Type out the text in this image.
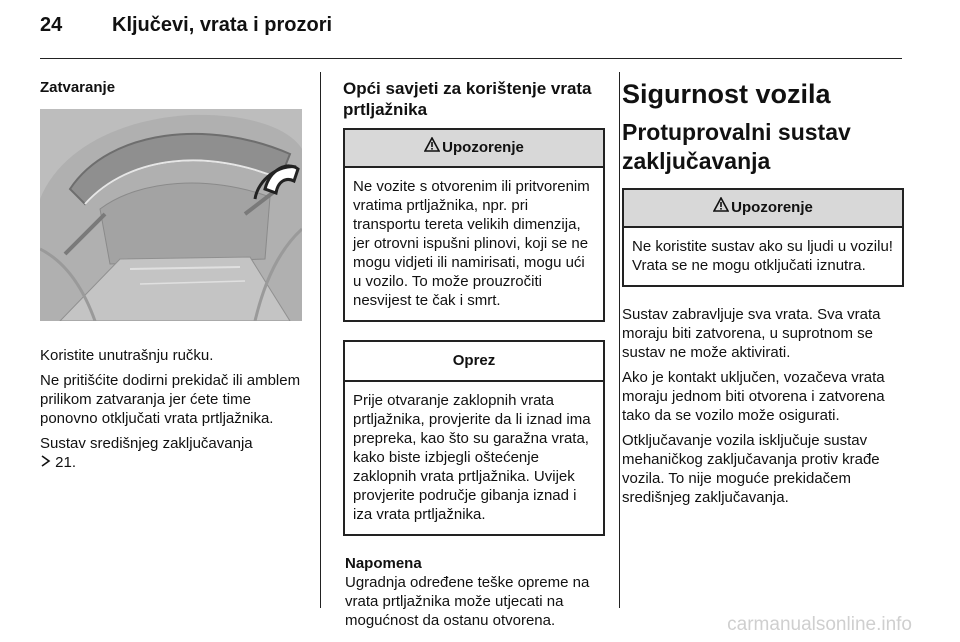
24 Ključevi, vrata i prozori
Zatvaranje

Koristite unutrašnju ručku.

Ne pritišćite dodirni prekidač ili amblem prilikom zatvaranja jer ćete time ponovno otključati vrata prtljažnika.

Sustav središnjeg zaključavanja
21.

Opći savjeti za korištenje vrata prtljažnika
Upozorenje
Ne vozite s otvorenim ili pritvorenim vratima prtljažnika, npr. pri transportu tereta velikih dimenzija, jer otrovni ispušni plinovi, koji se ne mogu vidjeti ili namirisati, mogu ući u vozilo. To može prouzročiti nesvijest te čak i smrt.
Oprez
Prije otvaranje zaklopnih vrata prtljažnika, provjerite da li iznad ima prepreka, kao što su garažna vrata, kako biste izbjegli oštećenje zaklopnih vrata prtljažnika. Uvijek provjerite područje gibanja iznad i iza vrata prtljažnika.
Napomena
Ugradnja određene teške opreme na vrata prtljažnika može utjecati na mogućnost da ostanu otvorena.
Sigurnost vozila
Protuprovalni sustav zaključavanja
Upozorenje
Ne koristite sustav ako su ljudi u vozilu! Vrata se ne mogu otključati iznutra.

Sustav zabravljuje sva vrata. Sva vrata moraju biti zatvorena, u suprotnom se sustav ne može aktivirati.

Ako je kontakt uključen, vozačeva vrata moraju jednom biti otvorena i zatvorena tako da se vozilo može osigurati.

Otključavanje vozila isključuje sustav mehaničkog zaključavanja protiv krađe vozila. To nije moguće prekidačem središnjeg zaključavanja.

carmanualsonline.info
